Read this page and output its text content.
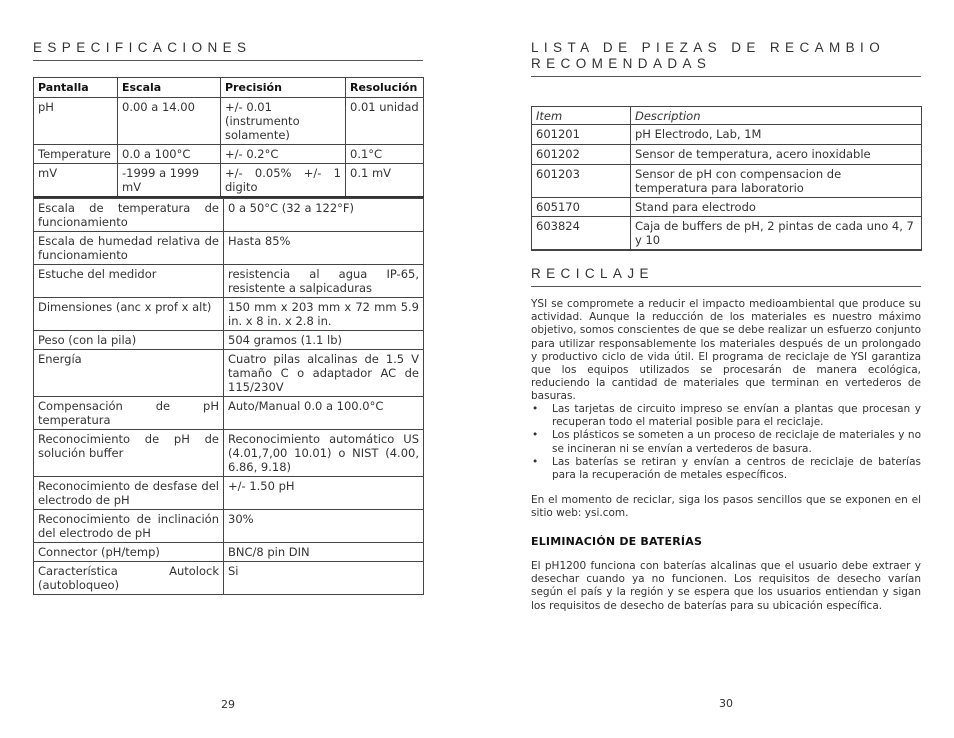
ESPECIFICACIONES
Pantalla	Escala	Precisión	Resolución
pH	0.00 a 14.00	+/- 0.01 (instrumento solamente)	0.01 unidad
Temperature	0.0 a 100°C	+/- 0.2°C	0.1°C
mV	-1999 a 1999 mV	+/- 0.05% +/- 1 digito	0.1 mV
Escala de temperatura de funcionamiento	0 a 50°C (32 a 122°F)
Escala de humedad relativa de funcionamiento	Hasta 85%
Estuche del medidor	resistencia al agua IP-65, resistente a salpicaduras
Dimensiones (anc x prof x alt)	150 mm x 203 mm x 72 mm 5.9 in. x 8 in. x 2.8 in.
Peso (con la pila)	504 gramos (1.1 lb)
Energía	Cuatro pilas alcalinas de 1.5 V tamaño C o adaptador AC de 115/230V
Compensación de pH temperatura	Auto/Manual 0.0 a 100.0°C
Reconocimiento de pH de solución buffer	Reconocimiento automático US (4.01,7,00 10.01) o NIST (4.00, 6.86, 9.18)
Reconocimiento de desfase del electrodo de pH	+/- 1.50 pH
Reconocimiento de inclinación del electrodo de pH	30%
Connector (pH/temp)	BNC/8 pin DIN
Característica Autolock (autobloqueo)	Si
29
LISTA DE PIEZAS DE RECAMBIO RECOMENDADAS
Item	Description
601201	pH Electrodo, Lab, 1M
601202	Sensor de temperatura, acero inoxidable
601203	Sensor de pH con compensacion de temperatura para laboratorio
605170	Stand para electrodo
603824	Caja de buffers de pH, 2 pintas de cada uno 4, 7 y 10
RECICLAJE

YSI se compromete a reducir el impacto medioambiental que produce su actividad. Aunque la reducción de los materiales es nuestro máximo objetivo, somos conscientes de que se debe realizar un esfuerzo conjunto para utilizar responsablemente los materiales después de un prolongado y productivo ciclo de vida útil. El programa de reciclaje de YSI garantiza que los equipos utilizados se procesarán de manera ecológica, reduciendo la cantidad de materiales que terminan en vertederos de basuras.

• Las tarjetas de circuito impreso se envían a plantas que procesan y recuperan todo el material posible para el reciclaje.
• Los plásticos se someten a un proceso de reciclaje de materiales y no se incineran ni se envían a vertederos de basura.
• Las baterías se retiran y envían a centros de reciclaje de baterías para la recuperación de metales específicos.

En el momento de reciclar, siga los pasos sencillos que se exponen en el sitio web: ysi.com.

ELIMINACIÓN DE BATERÍAS

El pH1200 funciona con baterías alcalinas que el usuario debe extraer y desechar cuando ya no funcionen. Los requisitos de desecho varían según el país y la región y se espera que los usuarios entiendan y sigan los requisitos de desecho de baterías para su ubicación específica.

30
